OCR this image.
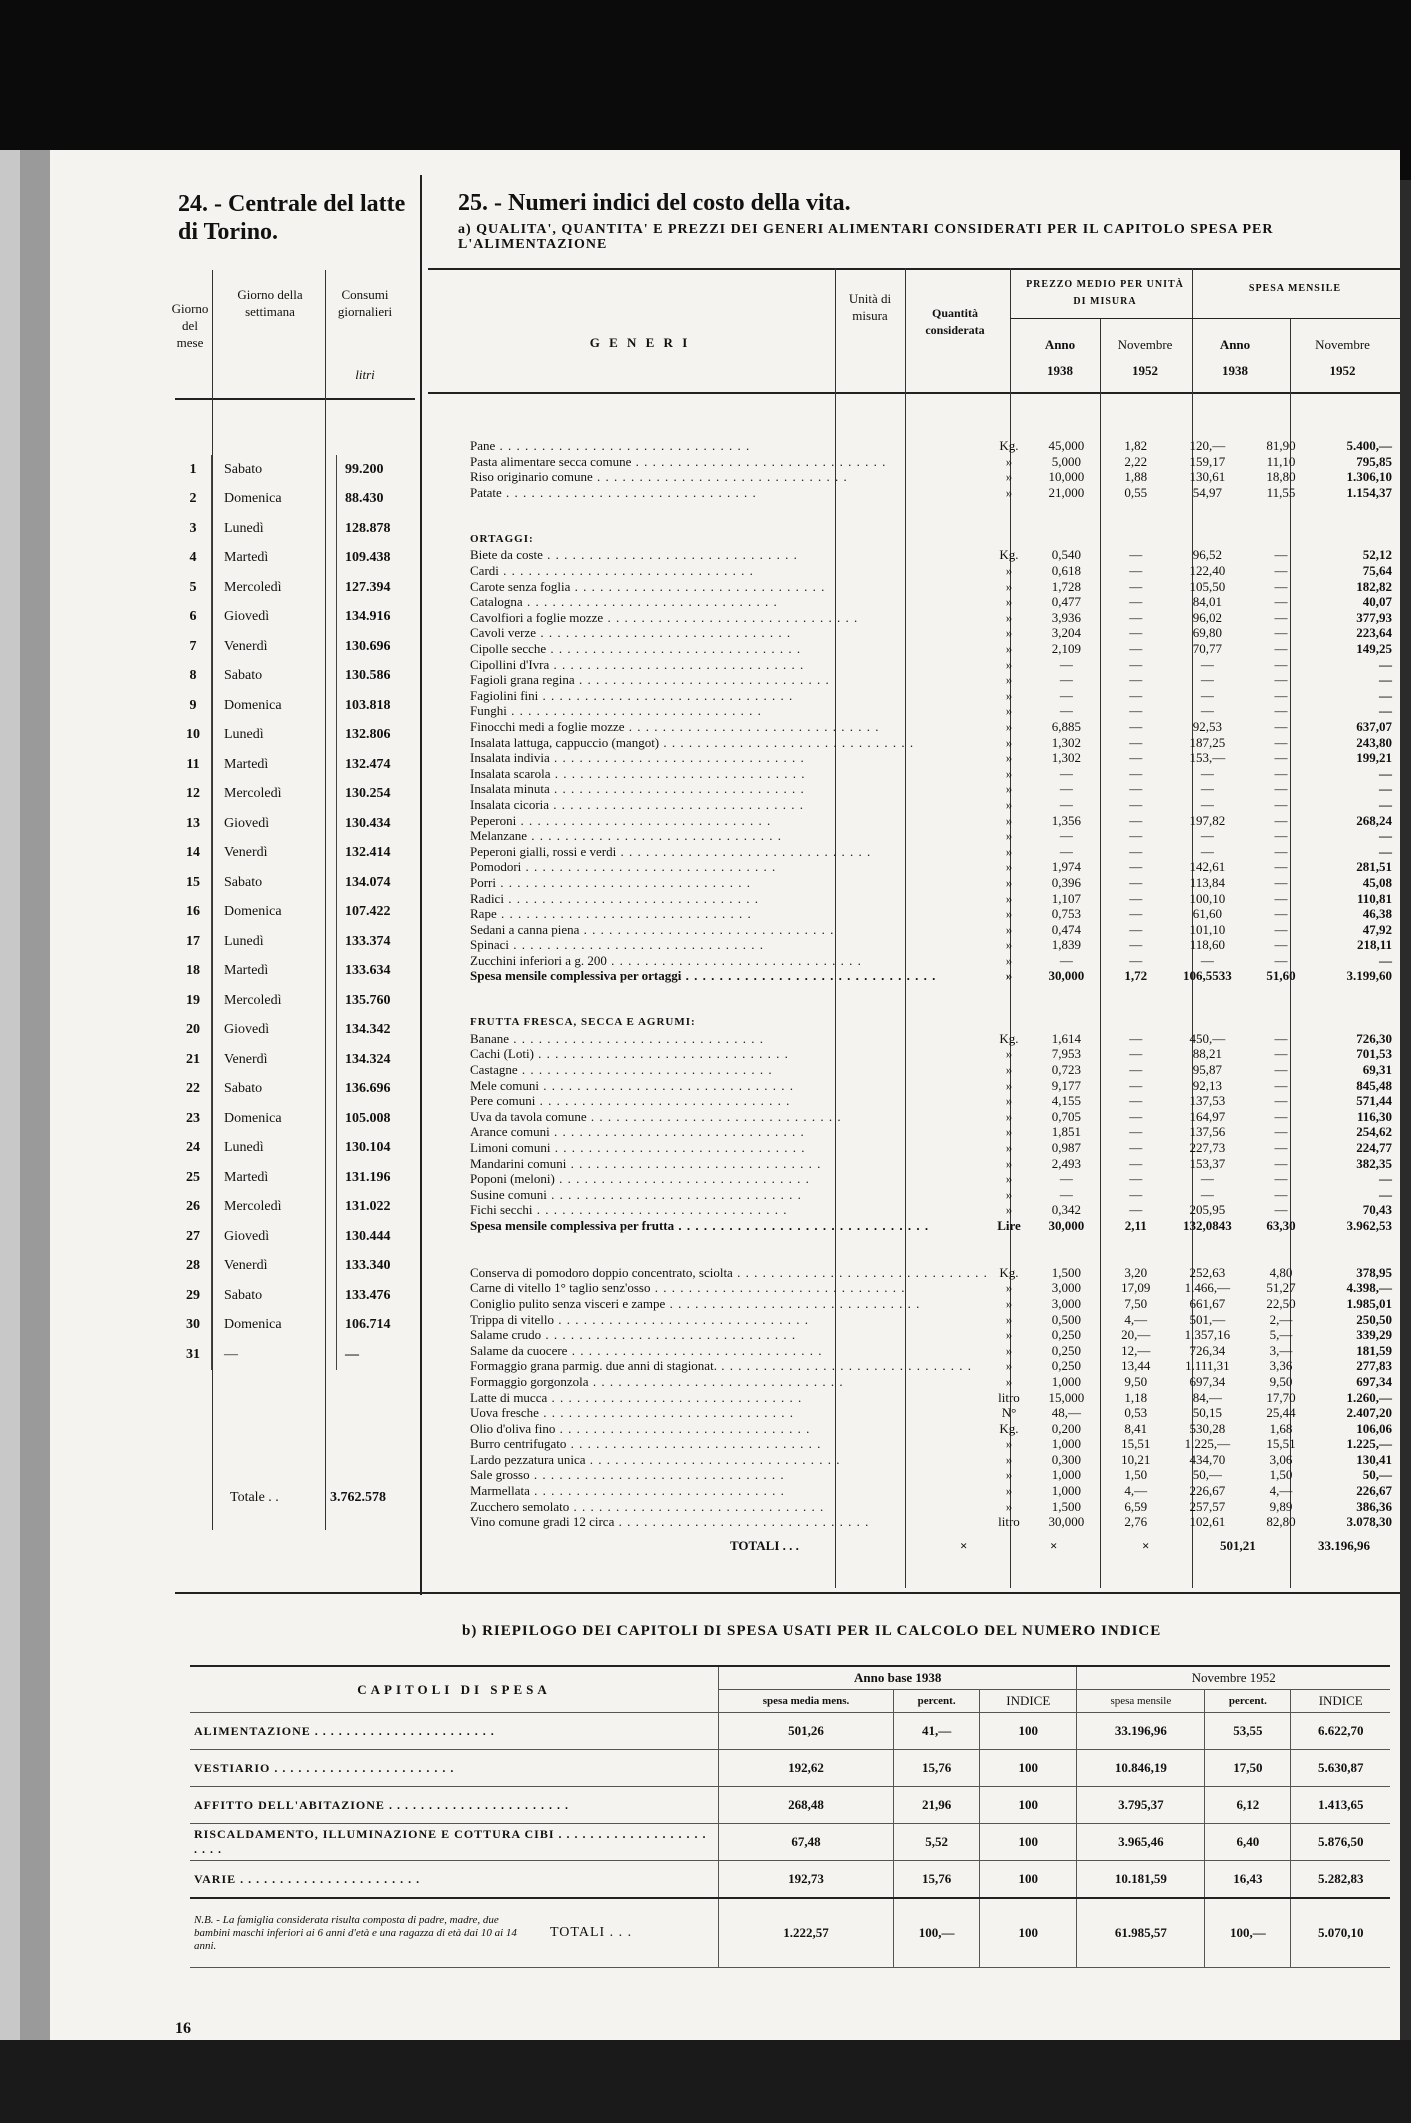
24. - Centrale del latte di Torino.
Giorno del mese
Giorno della settimana
Consumi giornalieri
litri
1	Sabato	99.200
2	Domenica	88.430
3	Lunedì	128.878
4	Martedì	109.438
5	Mercoledì	127.394
6	Giovedì	134.916
7	Venerdì	130.696
8	Sabato	130.586
9	Domenica	103.818
10	Lunedì	132.806
11	Martedì	132.474
12	Mercoledì	130.254
13	Giovedì	130.434
14	Venerdì	132.414
15	Sabato	134.074
16	Domenica	107.422
17	Lunedì	133.374
18	Martedì	133.634
19	Mercoledì	135.760
20	Giovedì	134.342
21	Venerdì	134.324
22	Sabato	136.696
23	Domenica	105.008
24	Lunedì	130.104
25	Martedì	131.196
26	Mercoledì	131.022
27	Giovedì	130.444
28	Venerdì	133.340
29	Sabato	133.476
30	Domenica	106.714
31	—	—
Totale . .	3.762.578
25. - Numeri indici del costo della vita.
a) QUALITA', QUANTITA' E PREZZI DEI GENERI ALIMENTARI CONSIDERATI PER IL CAPITOLO SPESA PER L'ALIMENTAZIONE
G E N E R I
Unità di misura	Quantità considerata
PREZZO MEDIO PER UNITÀ DI MISURA
SPESA MENSILE
Anno	Novembre	Anno	Novembre
1938	1952	1938	1952
Pane . . .	Kg.	45,000	1,82	120,—	81,90	5.400,—
Pasta alimentare secca comune . . .	»	5,000	2,22	159,17	11,10	795,85
Riso originario comune . . .	»	10,000	1,88	130,61	18,80	1.306,10
Patate . . .	»	21,000	0,55	54,97	11,55	1.154,37

ORTAGGI:						
Biete da coste . . .	Kg.	0,540	—	96,52	—	52,12
Cardi . . .	»	0,618	—	122,40	—	75,64
Carote senza foglia . . .	»	1,728	—	105,50	—	182,82
Catalogna . . .	»	0,477	—	84,01	—	40,07
Cavolfiori a foglie mozze . . .	»	3,936	—	96,02	—	377,93
Cavoli verze . . .	»	3,204	—	69,80	—	223,64
Cipolle secche . . .	»	2,109	—	70,77	—	149,25
Cipollini d'Ivra . . .	»	—	—	—	—	—
Fagioli grana regina . . .	»	—	—	—	—	—
Fagiolini fini . . .	»	—	—	—	—	—
Funghi . . .	»	—	—	—	—	—
Finocchi medi a foglie mozze . . .	»	6,885	—	92,53	—	637,07
Insalata lattuga, cappuccio (mangot) . . .	»	1,302	—	187,25	—	243,80
Insalata indivia . . .	»	1,302	—	153,—	—	199,21
Insalata scarola . . .	»	—	—	—	—	—
Insalata minuta . . .	»	—	—	—	—	—
Insalata cicoria . . .	»	—	—	—	—	—
Peperoni . . .	»	1,356	—	197,82	—	268,24
Melanzane . . .	»	—	—	—	—	—
Peperoni gialli, rossi e verdi . . .	»	—	—	—	—	—
Pomodori . . .	»	1,974	—	142,61	—	281,51
Porri . . .	»	0,396	—	113,84	—	45,08
Radici . . .	»	1,107	—	100,10	—	110,81
Rape . . .	»	0,753	—	61,60	—	46,38
Sedani a canna piena . . .	»	0,474	—	101,10	—	47,92
Spinaci . . .	»	1,839	—	118,60	—	218,11
Zucchini inferiori a g. 200 . . .	»	—	—	—	—	—
Spesa mensile complessiva per ortaggi . . .	»	30,000	1,72	106,5533	51,60	3.199,60

FRUTTA FRESCA, SECCA E AGRUMI:						
Banane . . .	Kg.	1,614	—	450,—	—	726,30
Cachi (Loti) . . .	»	7,953	—	88,21	—	701,53
Castagne . . .	»	0,723	—	95,87	—	69,31
Mele comuni . . .	»	9,177	—	92,13	—	845,48
Pere comuni . . .	»	4,155	—	137,53	—	571,44
Uva da tavola comune . . .	»	0,705	—	164,97	—	116,30
Arance comuni . . .	»	1,851	—	137,56	—	254,62
Limoni comuni . . .	»	0,987	—	227,73	—	224,77
Mandarini comuni . . .	»	2,493	—	153,37	—	382,35
Poponi (meloni) . . .	»	—	—	—	—	—
Susine comuni . . .	»	—	—	—	—	—
Fichi secchi . . .	»	0,342	—	205,95	—	70,43
Spesa mensile complessiva per frutta . . .	Lire	30,000	2,11	132,0843	63,30	3.962,53

Conserva di pomodoro doppio concentrato, sciolta . . .	Kg.	1,500	3,20	252,63	4,80	378,95
Carne di vitello 1° taglio senz'osso . . .	»	3,000	17,09	1.466,—	51,27	4.398,—
Coniglio pulito senza visceri e zampe . . .	»	3,000	7,50	661,67	22,50	1.985,01
Trippa di vitello . . .	»	0,500	4,—	501,—	2,—	250,50
Salame crudo . . .	»	0,250	20,—	1.357,16	5,—	339,29
Salame da cuocere . . .	»	0,250	12,—	726,34	3,—	181,59
Formaggio grana parmig. due anni di stagionat. . . .	»	0,250	13,44	1.111,31	3,36	277,83
Formaggio gorgonzola . . .	»	1,000	9,50	697,34	9,50	697,34
Latte di mucca . . .	litro	15,000	1,18	84,—	17,70	1.260,—
Uova fresche . . .	N°	48,—	0,53	50,15	25,44	2.407,20
Olio d'oliva fino . . .	Kg.	0,200	8,41	530,28	1,68	106,06
Burro centrifugato . . .	»	1,000	15,51	1.225,—	15,51	1.225,—
Lardo pezzatura unica . . .	»	0,300	10,21	434,70	3,06	130,41
Sale grosso . . .	»	1,000	1,50	50,—	1,50	50,—
Marmellata . . .	»	1,000	4,—	226,67	4,—	226,67
Zucchero semolato . . .	»	1,500	6,59	257,57	9,89	386,36
Vino comune gradi 12 circa . . .	litro	30,000	2,76	102,61	82,80	3.078,30
TOTALI . . .	×	×	×	501,21	33.196,96
b) RIEPILOGO DEI CAPITOLI DI SPESA USATI PER IL CALCOLO DEL NUMERO INDICE
CAPITOLI DI SPESA	Anno base 1938			Novembre 1952		
	spesa media mens.	percent.	INDICE	spesa mensile	percent.	INDICE
ALIMENTAZIONE . . .	501,26	41,—	100	33.196,96	53,55	6.622,70
VESTIARIO . . .	192,62	15,76	100	10.846,19	17,50	5.630,87
AFFITTO DELL'ABITAZIONE . . .	268,48	21,96	100	3.795,37	6,12	1.413,65
RISCALDAMENTO, ILLUMINAZIONE E COTTURA CIBI . . .	67,48	5,52	100	3.965,46	6,40	5.876,50
VARIE . . .	192,73	15,76	100	10.181,59	16,43	5.282,83

N.B. - La famiglia considerata risulta composta di padre, madre, due bambini maschi inferiori ai 6 anni d'età e una ragazza di età dai 10 ai 14 anni.
TOTALI . . .	1.222,57	100,—	100	61.985,57	100,—	5.070,10
16
